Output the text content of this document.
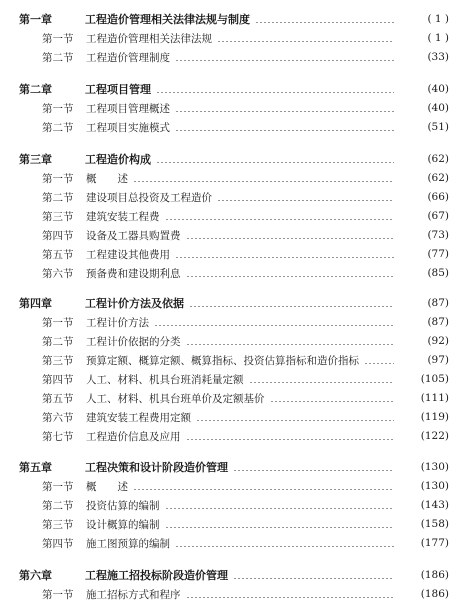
第一章	工程造价管理相关法律法规与制度	( 1 )
第一节	工程造价管理相关法律法规	( 1 )
第二节	工程造价管理制度	(33)
第二章	工程项目管理	(40)
第一节	工程项目管理概述	(40)
第二节	工程项目实施模式	(51)
第三章	工程造价构成	(62)
第一节	概　　述	(62)
第二节	建设项目总投资及工程造价	(66)
第三节	建筑安装工程费	(67)
第四节	设备及工器具购置费	(73)
第五节	工程建设其他费用	(77)
第六节	预备费和建设期利息	(85)
第四章	工程计价方法及依据	(87)
第一节	工程计价方法	(87)
第二节	工程计价依据的分类	(92)
第三节	预算定额、概算定额、概算指标、投资估算指标和造价指标	(97)
第四节	人工、材料、机具台班消耗量定额	(105)
第五节	人工、材料、机具台班单价及定额基价	(111)
第六节	建筑安装工程费用定额	(119)
第七节	工程造价信息及应用	(122)
第五章	工程决策和设计阶段造价管理	(130)
第一节	概　　述	(130)
第二节	投资估算的编制	(143)
第三节	设计概算的编制	(158)
第四节	施工图预算的编制	(177)
第六章	工程施工招投标阶段造价管理	(186)
第一节	施工招标方式和程序	(186)
